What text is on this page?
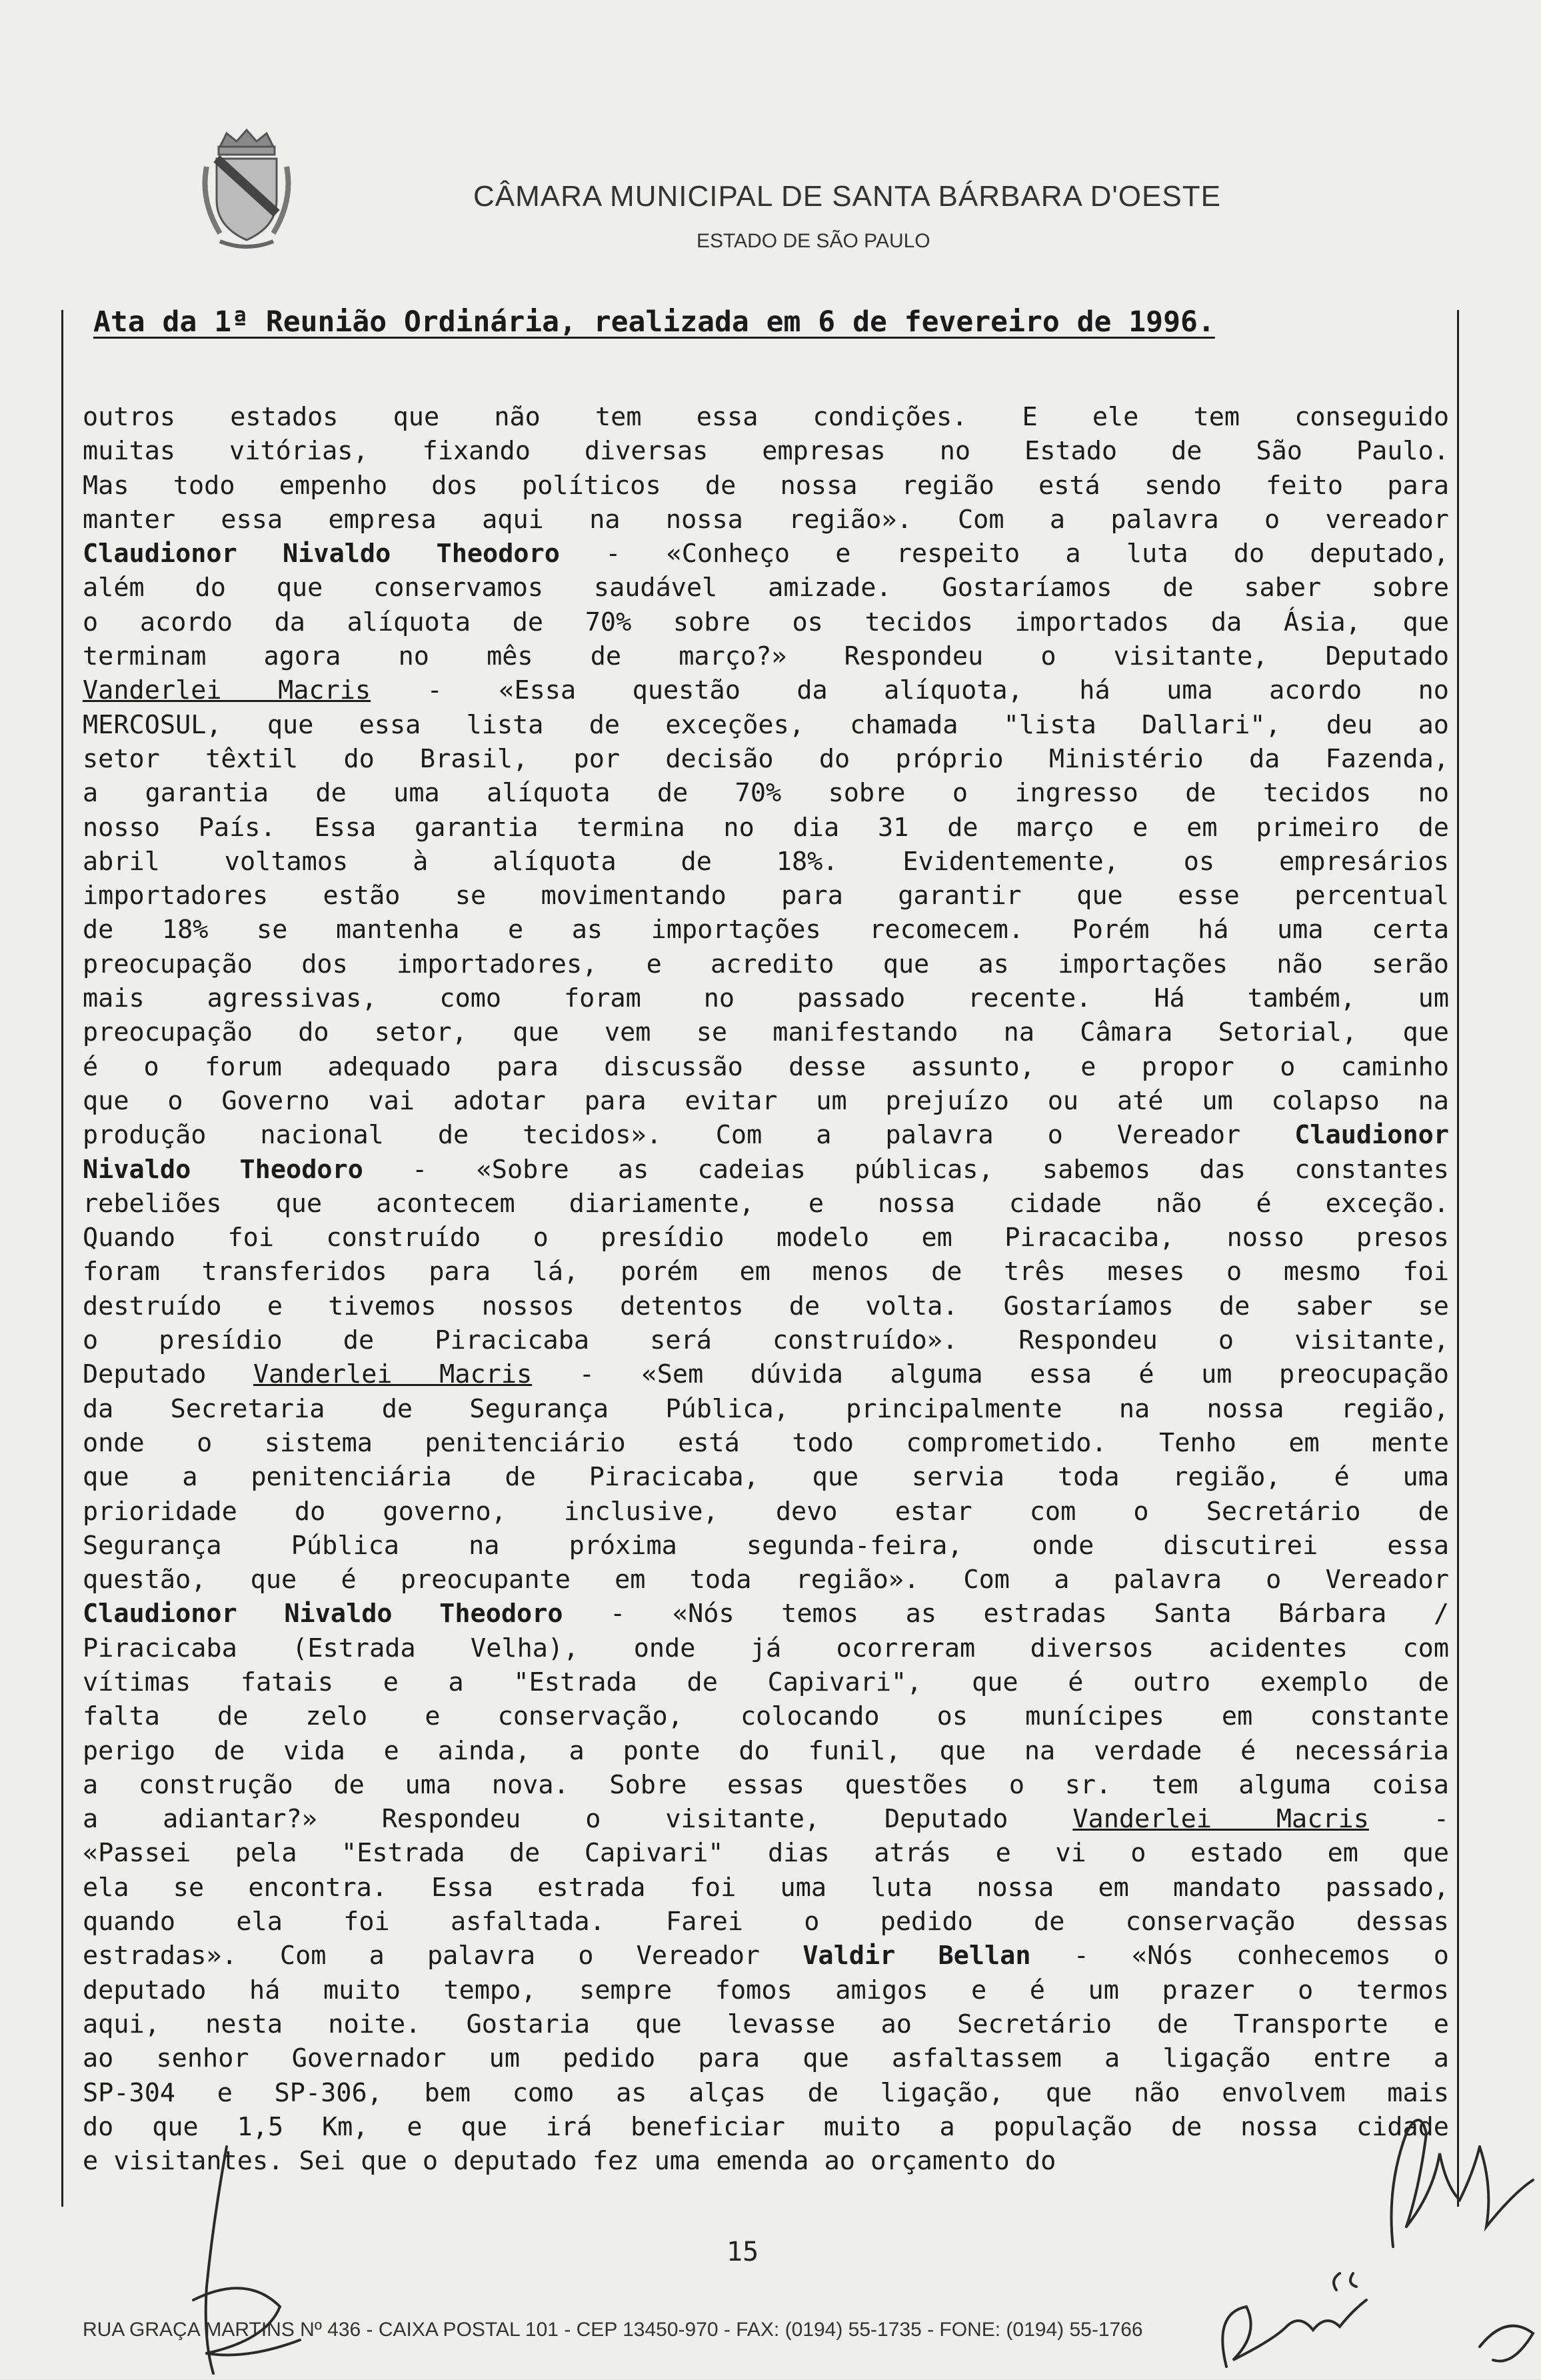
CÂMARA MUNICIPAL DE SANTA BÁRBARA D'OESTE
ESTADO DE SÃO PAULO
Ata da 1ª Reunião Ordinária, realizada em 6 de fevereiro de 1996.
outros estados que não tem essa condições. E ele tem conseguido
muitas vitórias, fixando diversas empresas no Estado de São Paulo.
Mas todo empenho dos políticos de nossa região está sendo feito para
manter essa empresa aqui na nossa região». Com a palavra o vereador
Claudionor Nivaldo Theodoro - «Conheço e respeito a luta do deputado,
além do que conservamos saudável amizade. Gostaríamos de saber sobre
o acordo da alíquota de 70% sobre os tecidos importados da Ásia, que
terminam agora no mês de março?» Respondeu o visitante, Deputado
Vanderlei Macris - «Essa questão da alíquota, há uma acordo no
MERCOSUL, que essa lista de exceções, chamada "lista Dallari", deu ao
setor têxtil do Brasil, por decisão do próprio Ministério da Fazenda,
a garantia de uma alíquota de 70% sobre o ingresso de tecidos no
nosso País. Essa garantia termina no dia 31 de março e em primeiro de
abril voltamos à alíquota de 18%. Evidentemente, os empresários
importadores estão se movimentando para garantir que esse percentual
de 18% se mantenha e as importações recomecem. Porém há uma certa
preocupação dos importadores, e acredito que as importações não serão
mais agressivas, como foram no passado recente. Há também, um
preocupação do setor, que vem se manifestando na Câmara Setorial, que
é o forum adequado para discussão desse assunto, e propor o caminho
que o Governo vai adotar para evitar um prejuízo ou até um colapso na
produção nacional de tecidos». Com a palavra o Vereador Claudionor
Nivaldo Theodoro - «Sobre as cadeias públicas, sabemos das constantes
rebeliões que acontecem diariamente, e nossa cidade não é exceção.
Quando foi construído o presídio modelo em Piracacibа, nosso presos
foram transferidos para lá, porém em menos de três meses o mesmo foi
destruído e tivemos nossos detentos de volta. Gostaríamos de saber se
o presídio de Piracicaba será construído». Respondeu o visitante,
Deputado Vanderlei Macris - «Sem dúvida alguma essa é um preocupação
da Secretaria de Segurança Pública, principalmente na nossa região,
onde o sistema penitenciário está todo comprometido. Tenho em mente
que a penitenciária de Piracicaba, que servia toda região, é uma
prioridade do governo, inclusive, devo estar com o Secretário de
Segurança Pública na próxima segunda-feira, onde discutirei essa
questão, que é preocupante em toda região». Com a palavra o Vereador
Claudionor Nivaldo Theodoro - «Nós temos as estradas Santa Bárbara /
Piracicaba (Estrada Velha), onde já ocorreram diversos acidentes com
vítimas fatais e a "Estrada de Capivari", que é outro exemplo de
falta de zelo e conservação, colocando os munícipes em constante
perigo de vida e ainda, a ponte do funil, que na verdade é necessária
a construção de uma nova. Sobre essas questões o sr. tem alguma coisa
a adiantar?» Respondeu o visitante, Deputado Vanderlei Macris -
«Passei pela "Estrada de Capivari" dias atrás e vi o estado em que
ela se encontra. Essa estrada foi uma luta nossa em mandato passado,
quando ela foi asfaltada. Farei o pedido de conservação dessas
estradas». Com a palavra o Vereador Valdir Bellan - «Nós conhecemos o
deputado há muito tempo, sempre fomos amigos e é um prazer o termos
aqui, nesta noite. Gostaria que levasse ao Secretário de Transporte e
ao senhor Governador um pedido para que asfaltassem a ligação entre a
SP-304 e SP-306, bem como as alças de ligação, que não envolvem mais
do que 1,5 Km, e que irá beneficiar muito a população de nossa cidade
e visitantes. Sei que o deputado fez uma emenda ao orçamento do
15
RUA GRAÇA MARTINS Nº 436 - CAIXA POSTAL 101 - CEP 13450-970 - FAX: (0194) 55-1735 - FONE: (0194) 55-1766
